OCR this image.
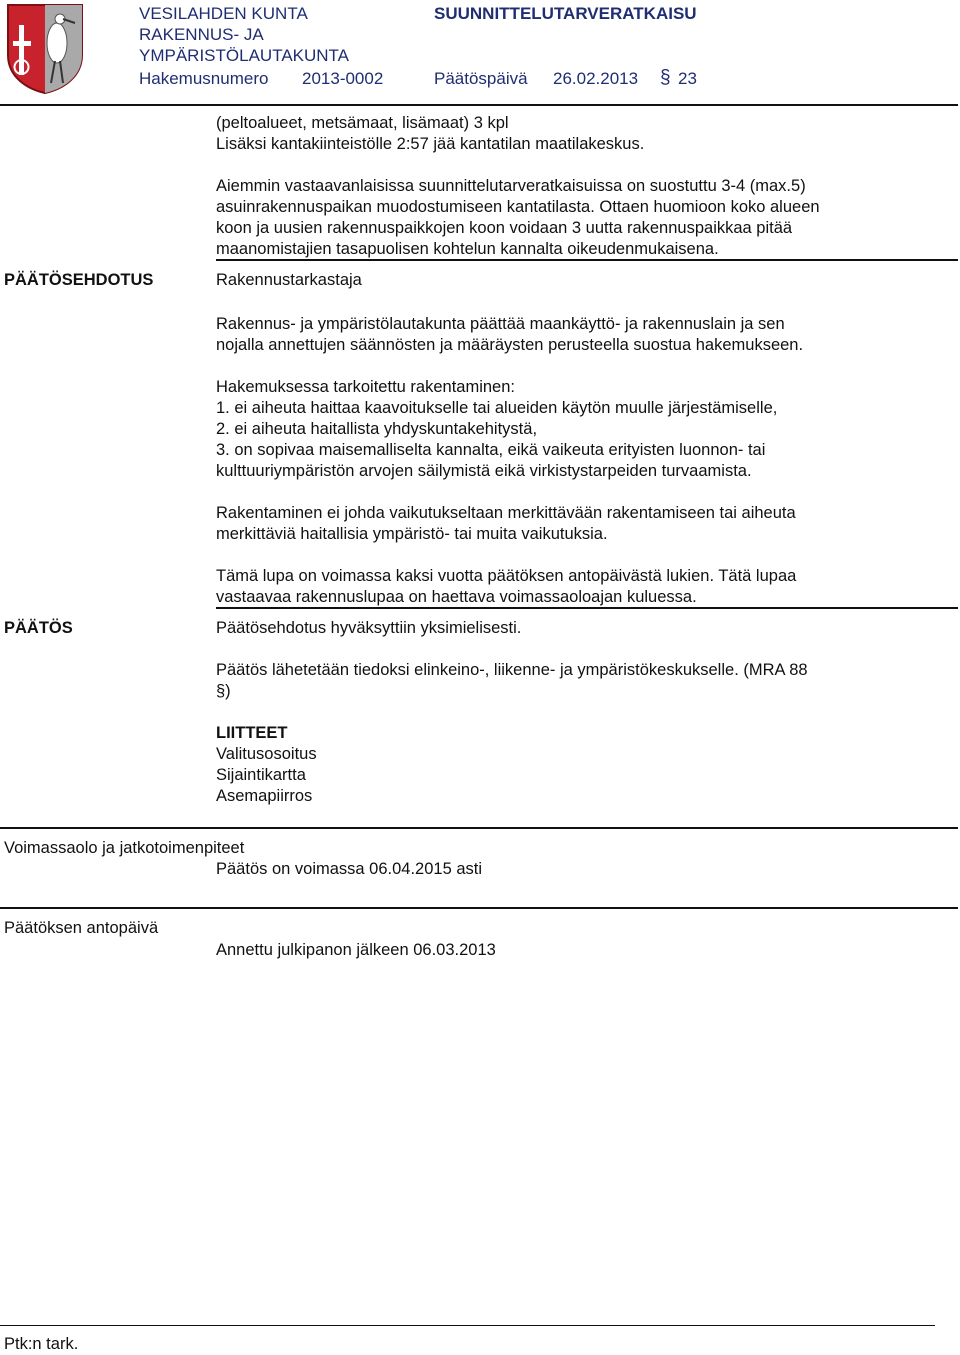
VESILAHDEN KUNTA
RAKENNUS- JA
YMPÄRISTÖLAUTAKUNTA
SUUNNITTELUTARVERATKAISU
Hakemusnumero 2013-0002	Päätöspäivä 26.02.2013 § 23

(peltoalueet, metsämaat, lisämaat) 3 kpl

Lisäksi kantakiinteistölle 2:57 jää kantatilan maatilakeskus.

Aiemmin vastaavanlaisissa suunnittelutarveratkaisuissa on suostuttu 3-4 (max.5)

asuinrakennuspaikan muodostumiseen kantatilasta. Ottaen huomioon koko alueen

koon ja uusien rakennuspaikkojen koon voidaan 3 uutta rakennuspaikkaa pitää

maanomistajien tasapuolisen kohtelun kannalta oikeudenmukaisena.

PÄÄTÖSEHDOTUS	Rakennustarkastaja

Rakennus- ja ympäristölautakunta päättää maankäyttö- ja rakennuslain ja sen

nojalla annettujen säännösten ja määräysten perusteella suostua hakemukseen.

Hakemuksessa tarkoitettu rakentaminen:

1. ei aiheuta haittaa kaavoitukselle tai alueiden käytön muulle järjestämiselle,

2. ei aiheuta haitallista yhdyskuntakehitystä,

3. on sopivaa maisemalliselta kannalta, eikä vaikeuta erityisten luonnon- tai

kulttuuriympäristön arvojen säilymistä eikä virkistystarpeiden turvaamista.

Rakentaminen ei johda vaikutukseltaan merkittävään rakentamiseen tai aiheuta

merkittäviä haitallisia ympäristö- tai muita vaikutuksia.

Tämä lupa on voimassa kaksi vuotta päätöksen antopäivästä lukien. Tätä lupaa

vastaavaa rakennuslupaa on haettava voimassaoloajan kuluessa.

PÄÄTÖS	Päätösehdotus hyväksyttiin yksimielisesti.

Päätös lähetetään tiedoksi elinkeino-, liikenne- ja ympäristökeskukselle. (MRA 88

§)

LIITTEET

Valitusosoitus

Sijaintikartta

Asemapiirros

Voimassaolo ja jatkotoimenpiteet
Päätös on voimassa 06.04.2015 asti
Päätöksen antopäivä
Annettu julkipanon jälkeen 06.03.2013
Ptk:n tark.
